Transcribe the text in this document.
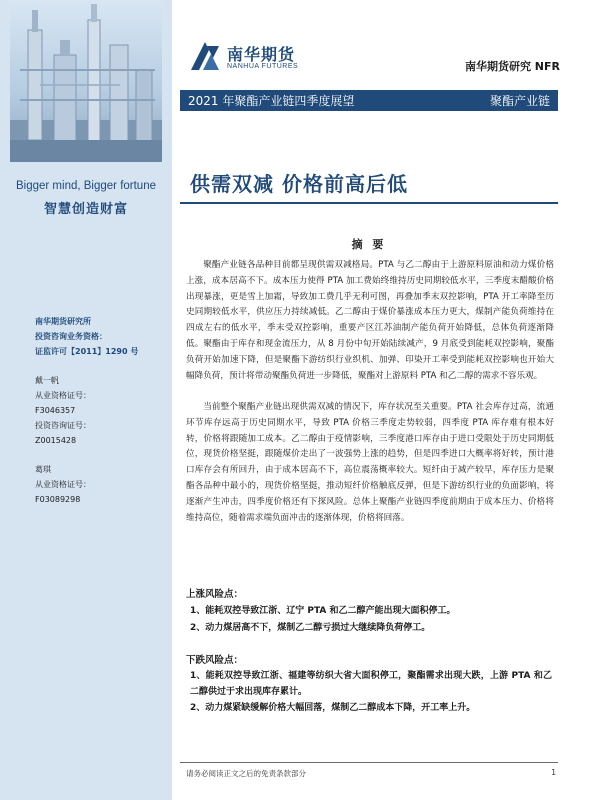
Bigger mind, Bigger fortune
智慧创造财富
南华期货研究所
投资咨询业务资格：
证监许可【2011】1290 号
戴一帆
从业资格证号：
F3046357
投资咨询证号：
Z0015428
葛琪
从业资格证号：
F03089298
南华期货
NANHUA FUTURES	南华期货研究 NFR
2021 年聚酯产业链四季度展望	聚酯产业链
供需双减 价格前高后低
摘 要

聚酯产业链各品种目前都呈现供需双减格局。PTA 与乙二醇由于上游原料原油和动力煤价格上涨，成本居高不下。成本压力使得 PTA 加工费始终维持历史同期较低水平，三季度末醋酸价格出现暴涨，更是雪上加霜，导致加工费几乎无利可图，再叠加季末双控影响，PTA 开工率降至历史同期较低水平，供应压力持续减低。乙二醇由于煤价暴涨成本压力更大，煤制产能负荷维持在四成左右的低水平，季末受双控影响，重要产区江苏油制产能负荷开始降低，总体负荷逐渐降低。聚酯由于库存和现金流压力，从 8 月份中旬开始陆续减产，9 月底受到能耗双控影响，聚酯负荷开始加速下降，但是聚酯下游纺织行业织机、加弹、印染开工率受到能耗双控影响也开始大幅降负荷，预计将带动聚酯负荷进一步降低，聚酯对上游原料 PTA 和乙二醇的需求不容乐观。

当前整个聚酯产业链出现供需双减的情况下，库存状况至关重要。PTA 社会库存过高，流通环节库存远高于历史同期水平，导致 PTA 价格三季度走势较弱，四季度 PTA 库存难有根本好转，价格将跟随加工成本。乙二醇由于疫情影响，三季度港口库存由于进口受限处于历史同期低位，现货价格坚挺，跟随煤价走出了一波强势上涨的趋势，但是四季进口大概率将好转，预计港口库存会有所回升，由于成本居高不下，高位震荡概率较大。短纤由于减产较早，库存压力是聚酯各品种中最小的，现货价格坚挺，推动短纤价格触底反弹，但是下游纺织行业的负面影响，将逐渐产生冲击，四季度价格还有下探风险。总体上聚酯产业链四季度前期由于成本压力、价格将维持高位，随着需求端负面冲击的逐渐体现，价格将回落。

上涨风险点：
1、能耗双控导致江浙、辽宁 PTA 和乙二醇产能出现大面积停工。
2、动力煤居高不下，煤制乙二醇亏损过大继续降负荷停工。
下跌风险点：
1、能耗双控导致江浙、福建等纺织大省大面积停工，聚酯需求出现大跌，上游 PTA 和乙二醇供过于求出现库存累计。
2、动力煤紧缺缓解价格大幅回落，煤制乙二醇成本下降，开工率上升。
请务必阅读正文之后的免责条款部分	1
